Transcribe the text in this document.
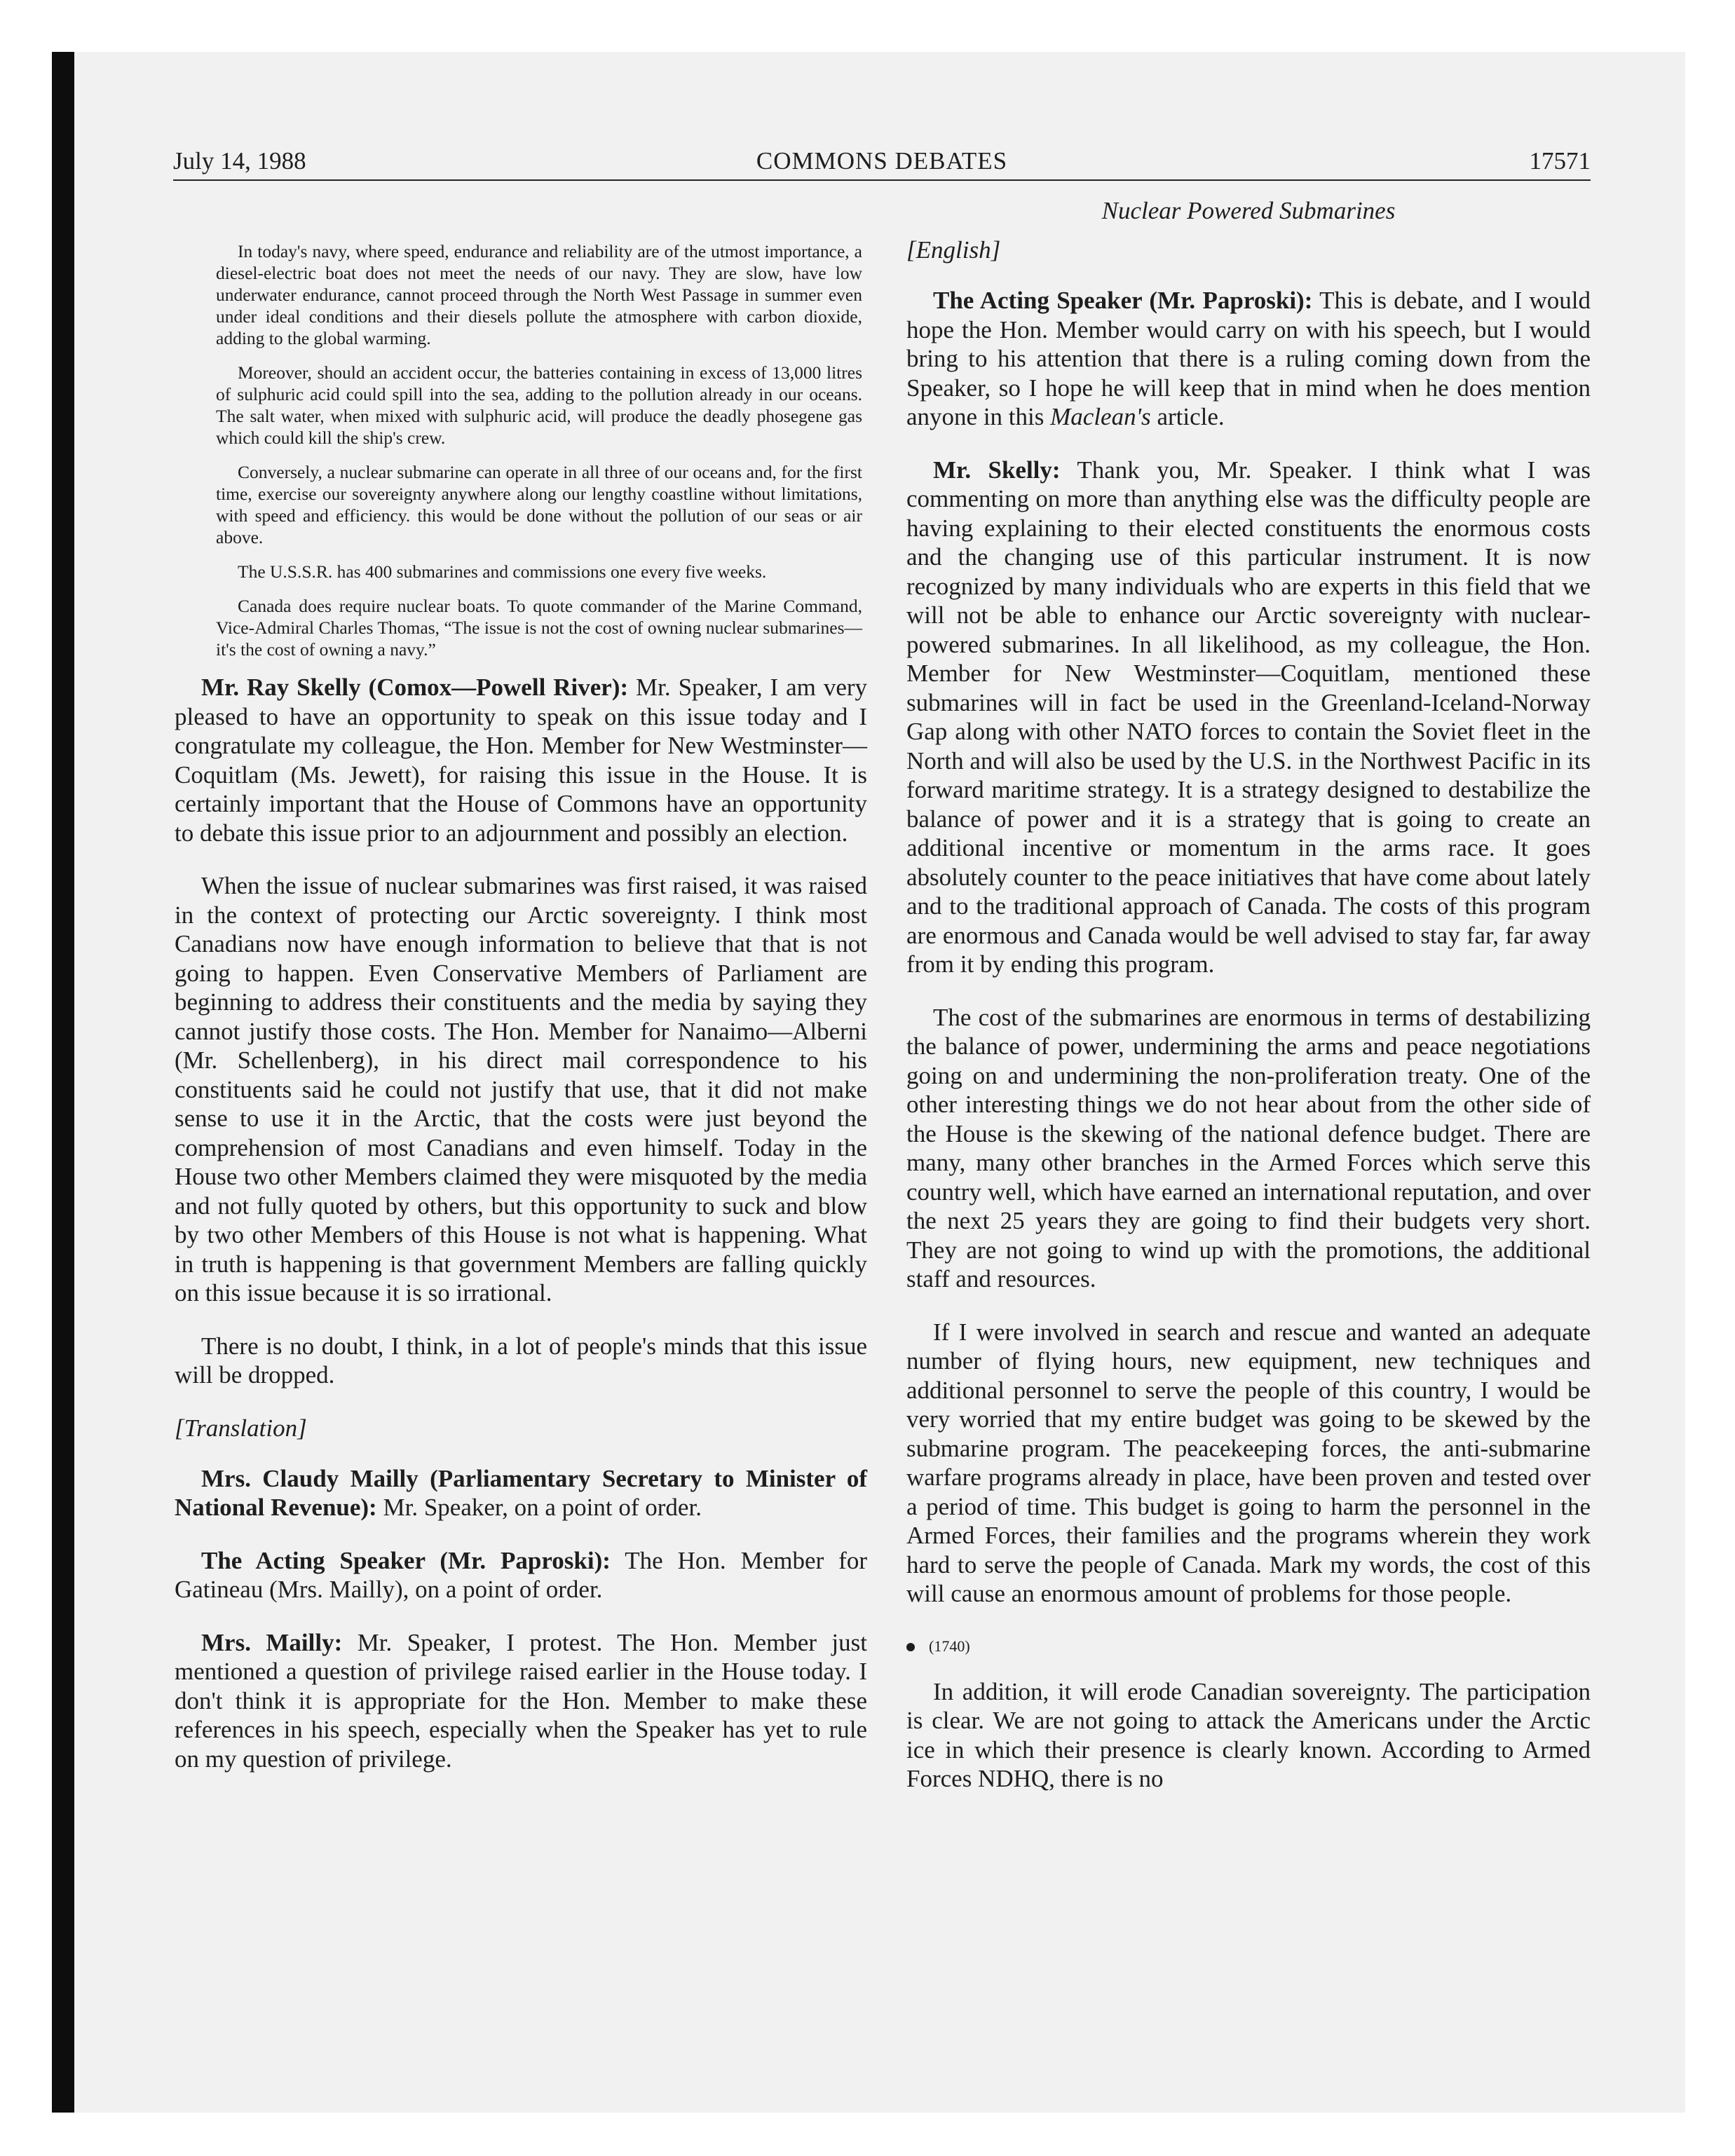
July 14, 1988	COMMONS DEBATES	17571

In today's navy, where speed, endurance and reliability are of the utmost importance, a diesel-electric boat does not meet the needs of our navy. They are slow, have low underwater endurance, cannot proceed through the North West Passage in summer even under ideal conditions and their diesels pollute the atmosphere with carbon dioxide, adding to the global warming.

Moreover, should an accident occur, the batteries containing in excess of 13,000 litres of sulphuric acid could spill into the sea, adding to the pollution already in our oceans. The salt water, when mixed with sulphuric acid, will produce the deadly phosegene gas which could kill the ship's crew.

Conversely, a nuclear submarine can operate in all three of our oceans and, for the first time, exercise our sovereignty anywhere along our lengthy coastline without limitations, with speed and efficiency. this would be done without the pollution of our seas or air above.

The U.S.S.R. has 400 submarines and commissions one every five weeks.

Canada does require nuclear boats. To quote commander of the Marine Command, Vice-Admiral Charles Thomas, “The issue is not the cost of owning nuclear submarines—it's the cost of owning a navy.”

Mr. Ray Skelly (Comox—Powell River): Mr. Speaker, I am very pleased to have an opportunity to speak on this issue today and I congratulate my colleague, the Hon. Member for New Westminster—Coquitlam (Ms. Jewett), for raising this issue in the House. It is certainly important that the House of Commons have an opportunity to debate this issue prior to an adjournment and possibly an election.

When the issue of nuclear submarines was first raised, it was raised in the context of protecting our Arctic sovereignty. I think most Canadians now have enough information to believe that that is not going to happen. Even Conservative Members of Parliament are beginning to address their constituents and the media by saying they cannot justify those costs. The Hon. Member for Nanaimo—Alberni (Mr. Schellenberg), in his direct mail correspondence to his constituents said he could not justify that use, that it did not make sense to use it in the Arctic, that the costs were just beyond the comprehension of most Canadians and even himself. Today in the House two other Members claimed they were misquoted by the media and not fully quoted by others, but this opportunity to suck and blow by two other Members of this House is not what is happening. What in truth is happening is that government Members are falling quickly on this issue because it is so irrational.

There is no doubt, I think, in a lot of people's minds that this issue will be dropped.

[Translation]

Mrs. Claudy Mailly (Parliamentary Secretary to Minister of National Revenue): Mr. Speaker, on a point of order.

The Acting Speaker (Mr. Paproski): The Hon. Member for Gatineau (Mrs. Mailly), on a point of order.

Mrs. Mailly: Mr. Speaker, I protest. The Hon. Member just mentioned a question of privilege raised earlier in the House today. I don't think it is appropriate for the Hon. Member to make these references in his speech, especially when the Speaker has yet to rule on my question of privilege.

Nuclear Powered Submarines

[English]

The Acting Speaker (Mr. Paproski): This is debate, and I would hope the Hon. Member would carry on with his speech, but I would bring to his attention that there is a ruling coming down from the Speaker, so I hope he will keep that in mind when he does mention anyone in this Maclean's article.

Mr. Skelly: Thank you, Mr. Speaker. I think what I was commenting on more than anything else was the difficulty people are having explaining to their elected constituents the enormous costs and the changing use of this particular instrument. It is now recognized by many individuals who are experts in this field that we will not be able to enhance our Arctic sovereignty with nuclear-powered submarines. In all likelihood, as my colleague, the Hon. Member for New Westminster—Coquitlam, mentioned these submarines will in fact be used in the Greenland-Iceland-Norway Gap along with other NATO forces to contain the Soviet fleet in the North and will also be used by the U.S. in the Northwest Pacific in its forward maritime strategy. It is a strategy designed to destabilize the balance of power and it is a strategy that is going to create an additional incentive or momentum in the arms race. It goes absolutely counter to the peace initiatives that have come about lately and to the traditional approach of Canada. The costs of this program are enormous and Canada would be well advised to stay far, far away from it by ending this program.

The cost of the submarines are enormous in terms of destabilizing the balance of power, undermining the arms and peace negotiations going on and undermining the non-proliferation treaty. One of the other interesting things we do not hear about from the other side of the House is the skewing of the national defence budget. There are many, many other branches in the Armed Forces which serve this country well, which have earned an international reputation, and over the next 25 years they are going to find their budgets very short. They are not going to wind up with the promotions, the additional staff and resources.

If I were involved in search and rescue and wanted an adequate number of flying hours, new equipment, new techniques and additional personnel to serve the people of this country, I would be very worried that my entire budget was going to be skewed by the submarine program. The peacekeeping forces, the anti-submarine warfare programs already in place, have been proven and tested over a period of time. This budget is going to harm the personnel in the Armed Forces, their families and the programs wherein they work hard to serve the people of Canada. Mark my words, the cost of this will cause an enormous amount of problems for those people.

(1740)

In addition, it will erode Canadian sovereignty. The participation is clear. We are not going to attack the Americans under the Arctic ice in which their presence is clearly known. According to Armed Forces NDHQ, there is no
